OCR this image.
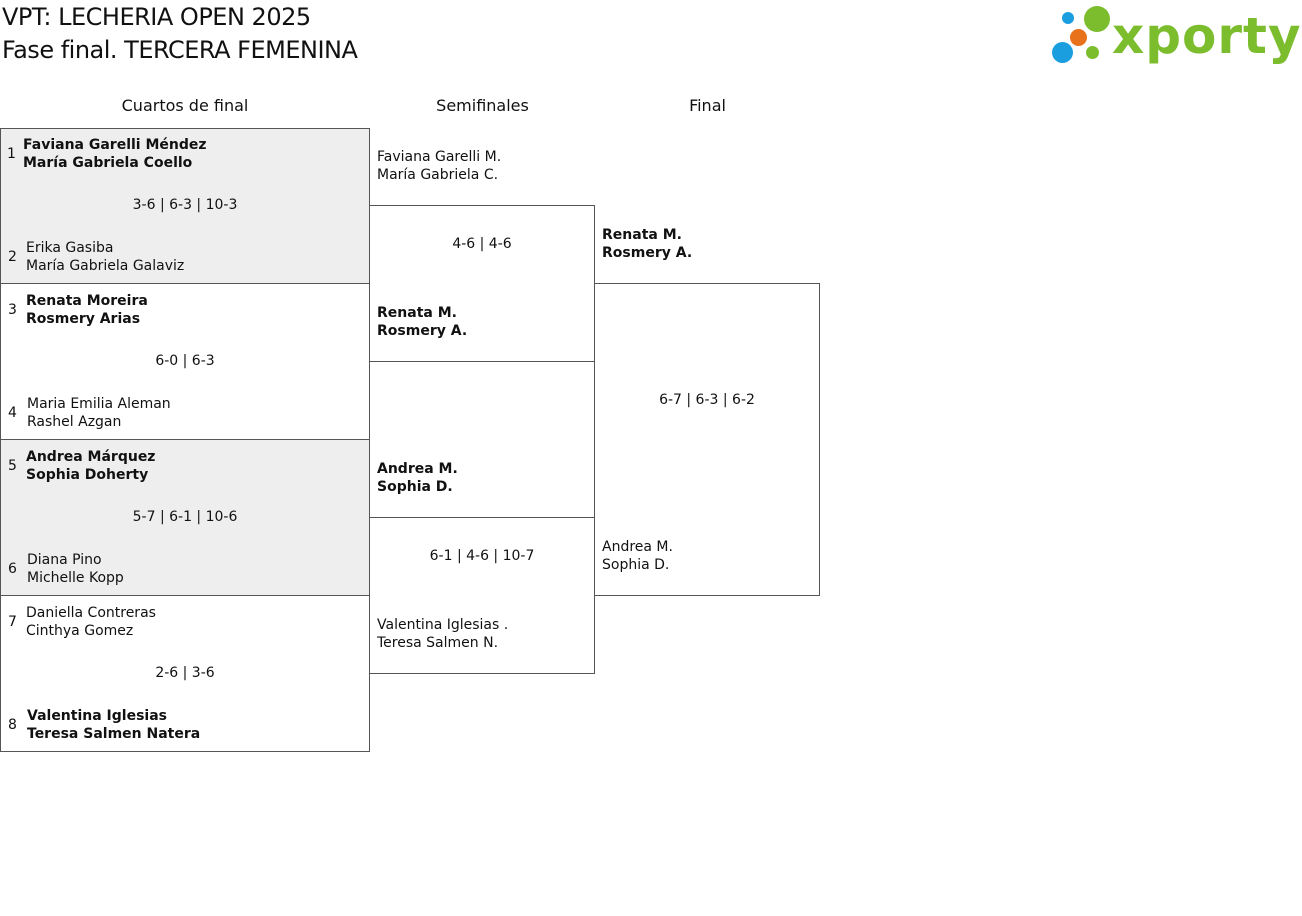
VPT: LECHERIA OPEN 2025
Fase final. TERCERA FEMENINA	xporty
Cuartos de final	Semifinales	Final
1
Faviana Garelli Méndez
María Gabriela Coello
3-6 | 6-3 | 10-3
2
Erika Gasiba
María Gabriela Galaviz
3
Renata Moreira
Rosmery Arias
6-0 | 6-3
4
Maria Emilia Aleman
Rashel Azgan
5
Andrea Márquez
Sophia Doherty
5-7 | 6-1 | 10-6
6
Diana Pino
Michelle Kopp
7
Daniella Contreras
Cinthya Gomez
2-6 | 3-6
8
Valentina Iglesias
Teresa Salmen Natera
Faviana Garelli M.
María Gabriela C.
4-6 | 4-6
Renata M.
Rosmery A.
Andrea M.
Sophia D.
6-1 | 4-6 | 10-7
Valentina Iglesias .
Teresa Salmen N.
Renata M.
Rosmery A.
6-7 | 6-3 | 6-2
Andrea M.
Sophia D.
